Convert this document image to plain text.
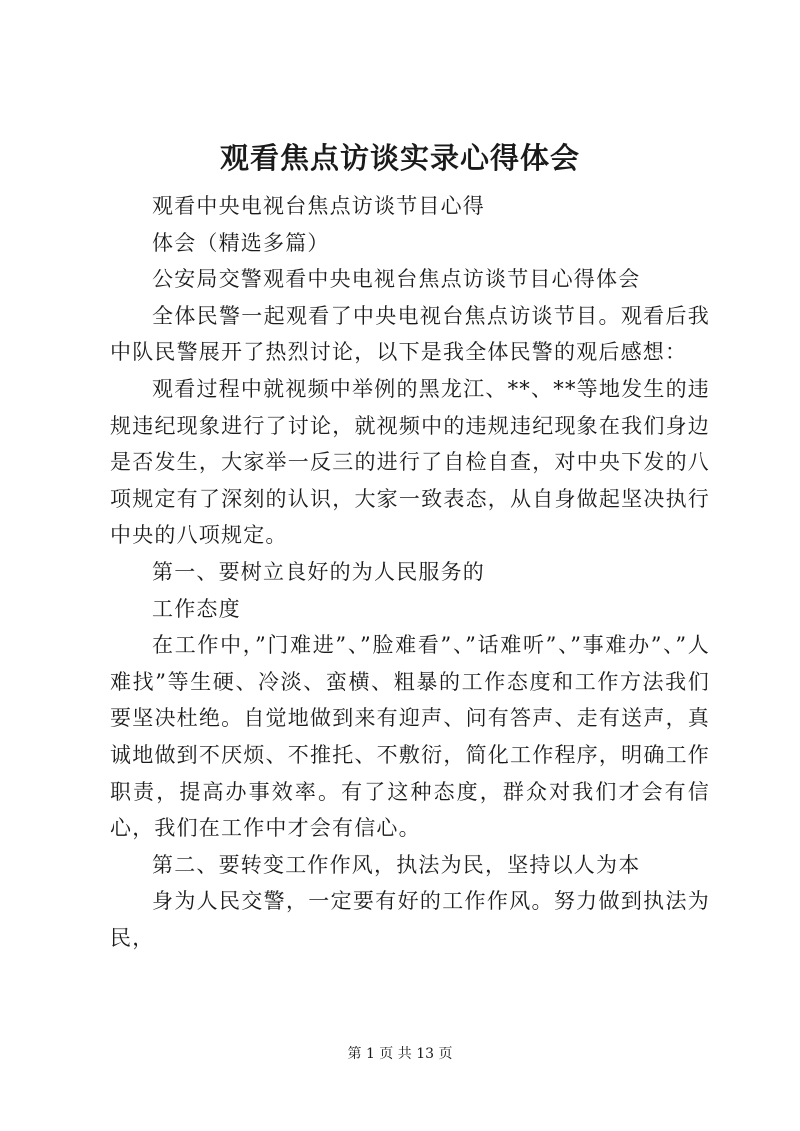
观看焦点访谈实录心得体会

观看中央电视台焦点访谈节目心得

体会（精选多篇）

公安局交警观看中央电视台焦点访谈节目心得体会

全体民警一起观看了中央电视台焦点访谈节目。观看后我中队民警展开了热烈讨论，以下是我全体民警的观后感想：

观看过程中就视频中举例的黑龙江、**、**等地发生的违规违纪现象进行了讨论，就视频中的违规违纪现象在我们身边是否发生，大家举一反三的进行了自检自查，对中央下发的八项规定有了深刻的认识，大家一致表态，从自身做起坚决执行中央的八项规定。

第一、要树立良好的为人民服务的

工作态度

在工作中，”门难进”、”脸难看”、”话难听”、”事难办”、”人难找”等生硬、冷淡、蛮横、粗暴的工作态度和工作方法我们要坚决杜绝。自觉地做到来有迎声、问有答声、走有送声，真诚地做到不厌烦、不推托、不敷衍，简化工作程序，明确工作职责，提高办事效率。有了这种态度，群众对我们才会有信心，我们在工作中才会有信心。

第二、要转变工作作风，执法为民，坚持以人为本

身为人民交警，一定要有好的工作作风。努力做到执法为民，

第 1 页 共 13 页
